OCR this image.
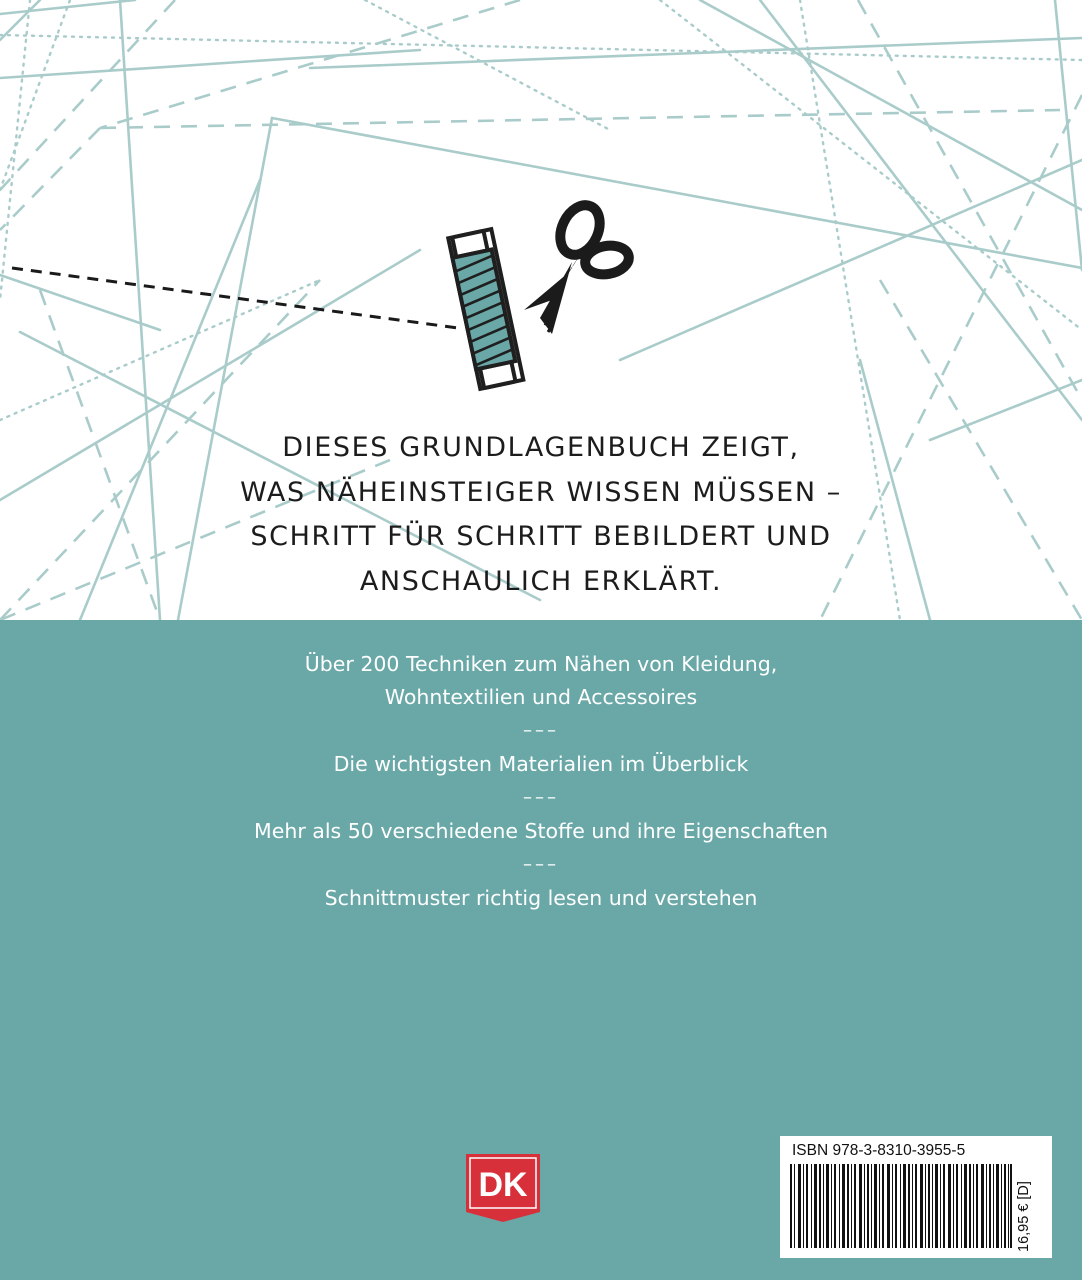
DIESES GRUNDLAGENBUCH ZEIGT,
WAS NÄHEINSTEIGER WISSEN MÜSSEN –
SCHRITT FÜR SCHRITT BEBILDERT UND
ANSCHAULICH ERKLÄRT.
Über 200 Techniken zum Nähen von Kleidung,
Wohntextilien und Accessoires
–––
Die wichtigsten Materialien im Überblick
–––
Mehr als 50 verschiedene Stoffe und ihre Eigenschaften
–––
Schnittmuster richtig lesen und verstehen
DK
ISBN 978-3-8310-3955-5
16,95 € [D]
